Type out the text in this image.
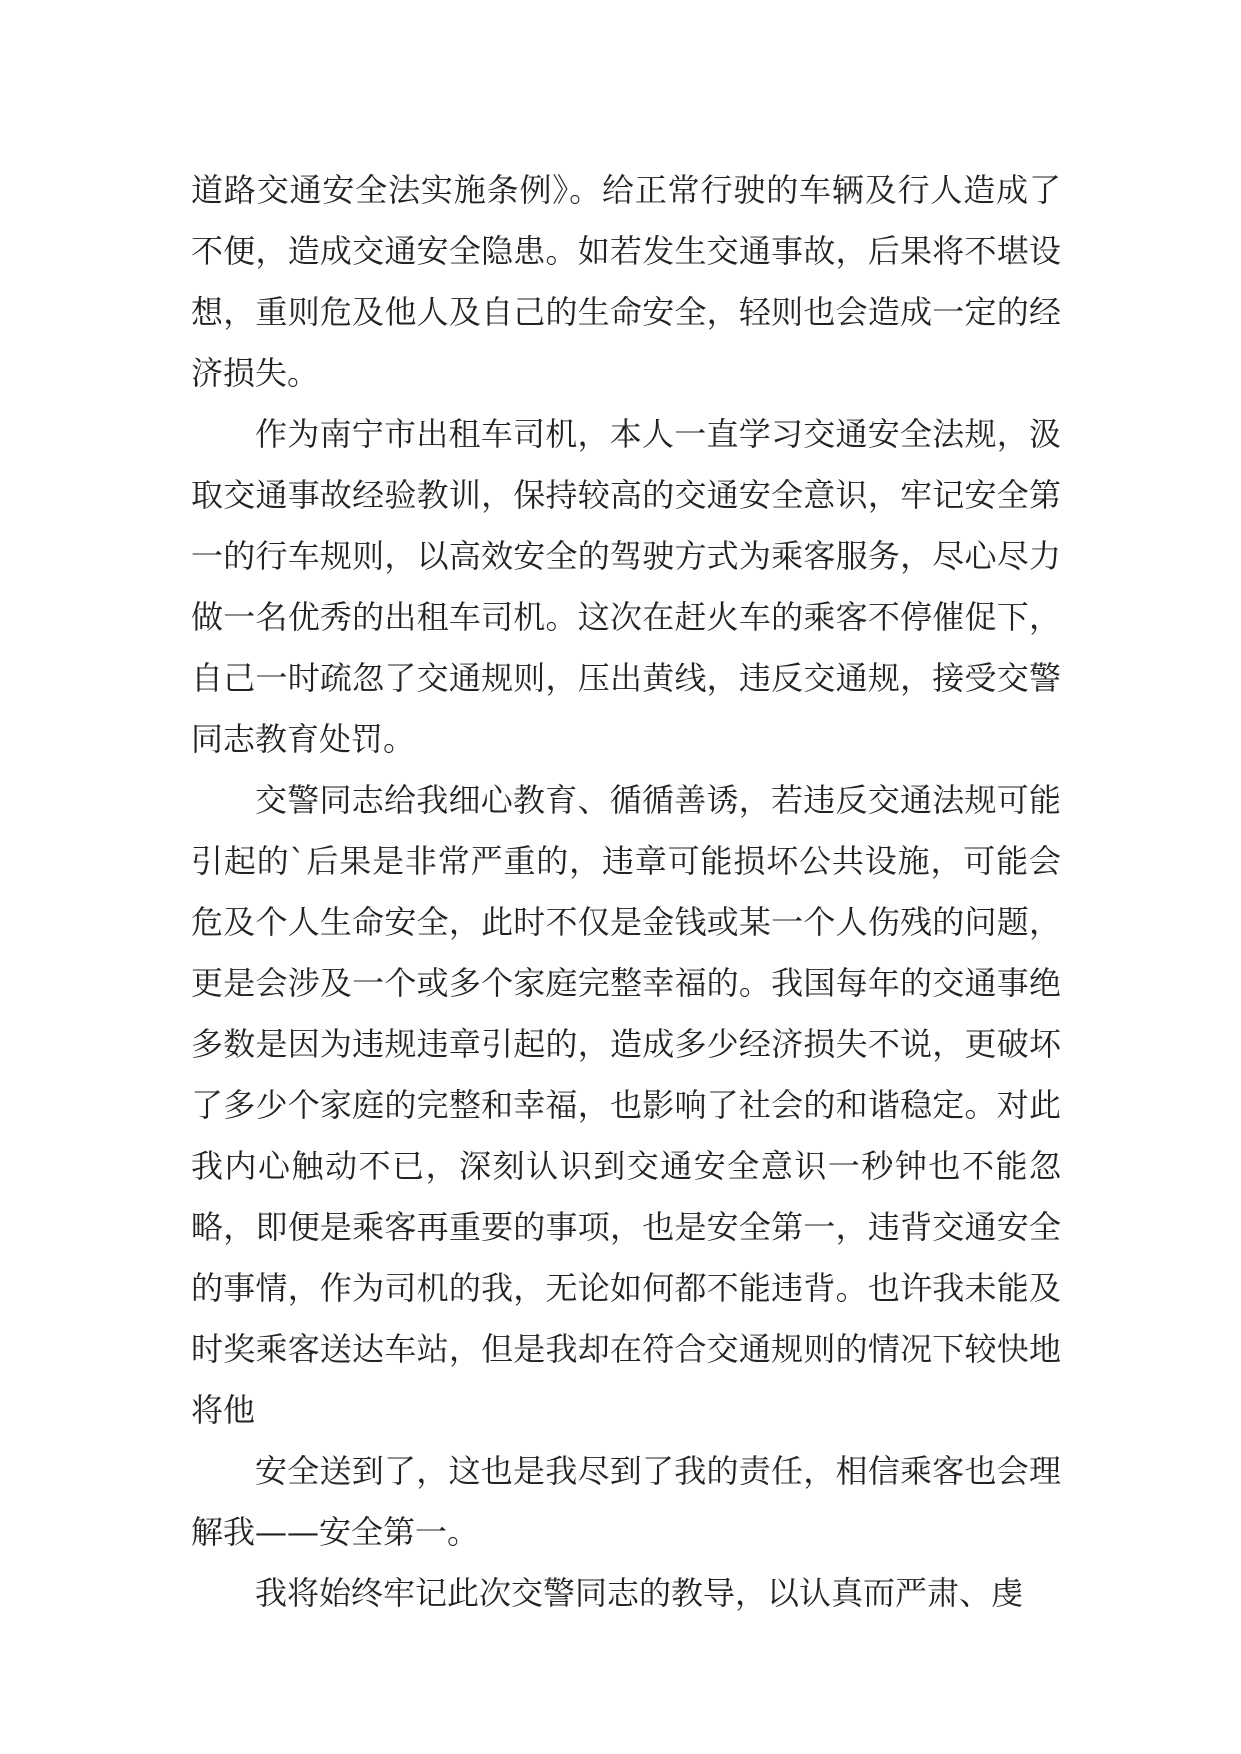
道路交通安全法实施条例》。给正常行驶的车辆及行人造成了不便，造成交通安全隐患。如若发生交通事故，后果将不堪设想，重则危及他人及自己的生命安全，轻则也会造成一定的经济损失。

作为南宁市出租车司机，本人一直学习交通安全法规，汲取交通事故经验教训，保持较高的交通安全意识，牢记安全第一的行车规则，以高效安全的驾驶方式为乘客服务，尽心尽力做一名优秀的出租车司机。这次在赶火车的乘客不停催促下，自己一时疏忽了交通规则，压出黄线，违反交通规，接受交警同志教育处罚。

交警同志给我细心教育、循循善诱，若违反交通法规可能引起的`后果是非常严重的，违章可能损坏公共设施，可能会危及个人生命安全，此时不仅是金钱或某一个人伤残的问题，更是会涉及一个或多个家庭完整幸福的。我国每年的交通事绝多数是因为违规违章引起的，造成多少经济损失不说，更破坏了多少个家庭的完整和幸福，也影响了社会的和谐稳定。对此我内心触动不已，深刻认识到交通安全意识一秒钟也不能忽略，即便是乘客再重要的事项，也是安全第一，违背交通安全的事情，作为司机的我，无论如何都不能违背。也许我未能及时奖乘客送达车站，但是我却在符合交通规则的情况下较快地将他

安全送到了，这也是我尽到了我的责任，相信乘客也会理解我——安全第一。

我将始终牢记此次交警同志的教导，以认真而严肃、虔
